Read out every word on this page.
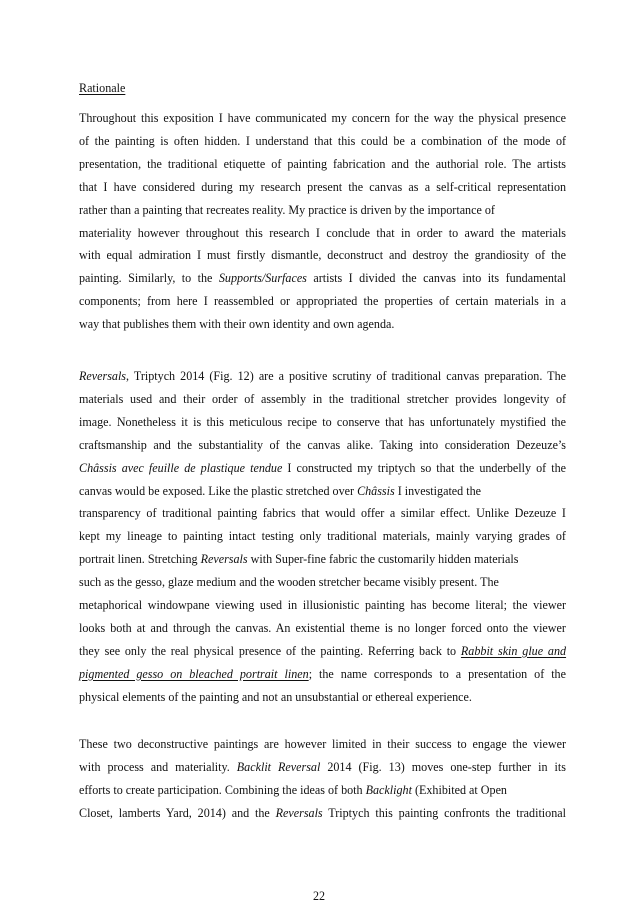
Rationale
Throughout this exposition I have communicated my concern for the way the physical presence
of the painting is often hidden. I understand that this could be a combination of the mode of
presentation, the traditional etiquette of painting fabrication and the authorial role. The artists
that I have considered during my research present the canvas as a self-critical representation
rather than a painting that recreates reality. My practice is driven by the importance of
materiality however throughout this research I conclude that in order to award the materials
with equal admiration I must firstly dismantle, deconstruct and destroy the grandiosity of the
painting. Similarly, to the Supports/Surfaces artists I divided the canvas into its fundamental
components; from here I reassembled or appropriated the properties of certain materials in a
way that publishes them with their own identity and own agenda.
Reversals, Triptych 2014 (Fig. 12) are a positive scrutiny of traditional canvas preparation. The
materials used and their order of assembly in the traditional stretcher provides longevity of
image. Nonetheless it is this meticulous recipe to conserve that has unfortunately mystified the
craftsmanship and the substantiality of the canvas alike. Taking into consideration Dezeuze’s
Châssis avec feuille de plastique tendue I constructed my triptych so that the underbelly of the
canvas would be exposed. Like the plastic stretched over Châssis I investigated the
transparency of traditional painting fabrics that would offer a similar effect. Unlike Dezeuze I
kept my lineage to painting intact testing only traditional materials, mainly varying grades of
portrait linen. Stretching Reversals with Super-fine fabric the customarily hidden materials
such as the gesso, glaze medium and the wooden stretcher became visibly present. The
metaphorical windowpane viewing used in illusionistic painting has become literal; the viewer
looks both at and through the canvas. An existential theme is no longer forced onto the viewer
they see only the real physical presence of the painting. Referring back to Rabbit skin glue and
pigmented gesso on bleached portrait linen; the name corresponds to a presentation of the
physical elements of the painting and not an unsubstantial or ethereal experience.
These two deconstructive paintings are however limited in their success to engage the viewer
with process and materiality. Backlit Reversal 2014 (Fig. 13) moves one-step further in its
efforts to create participation. Combining the ideas of both Backlight (Exhibited at Open
Closet, lamberts Yard, 2014) and the Reversals Triptych this painting confronts the traditional
22
